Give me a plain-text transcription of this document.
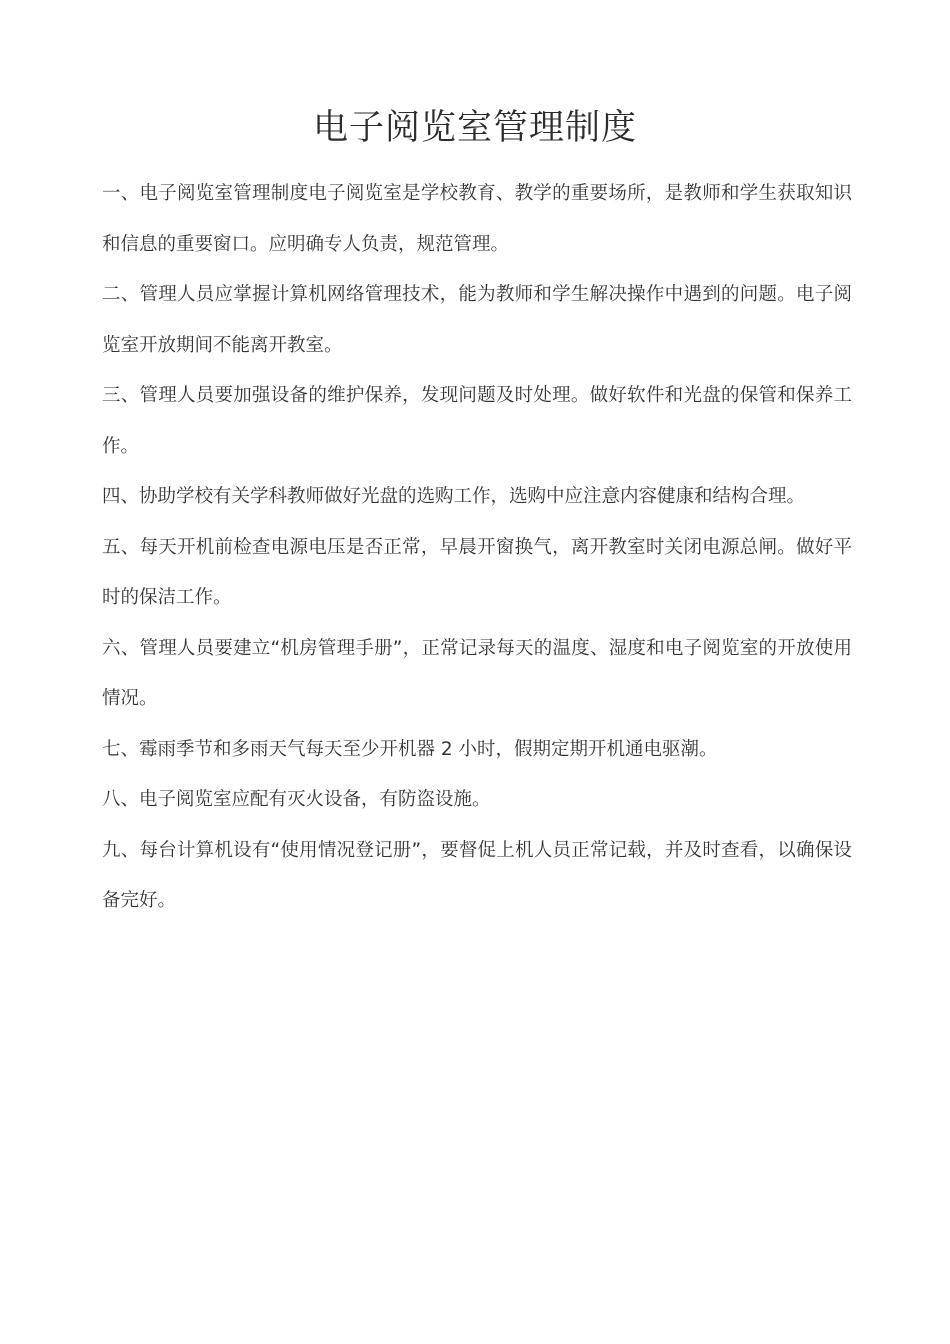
电子阅览室管理制度

一、电子阅览室管理制度电子阅览室是学校教育、教学的重要场所，是教师和学生获取知识和信息的重要窗口。应明确专人负责，规范管理。

二、管理人员应掌握计算机网络管理技术，能为教师和学生解决操作中遇到的问题。电子阅览室开放期间不能离开教室。

三、管理人员要加强设备的维护保养，发现问题及时处理。做好软件和光盘的保管和保养工作。

四、协助学校有关学科教师做好光盘的选购工作，选购中应注意内容健康和结构合理。

五、每天开机前检查电源电压是否正常，早晨开窗换气，离开教室时关闭电源总闸。做好平时的保洁工作。

六、管理人员要建立“机房管理手册”，正常记录每天的温度、湿度和电子阅览室的开放使用情况。

七、霉雨季节和多雨天气每天至少开机器 2 小时，假期定期开机通电驱潮。

八、电子阅览室应配有灭火设备，有防盗设施。

九、每台计算机设有“使用情况登记册”，要督促上机人员正常记载，并及时查看，以确保设备完好。
